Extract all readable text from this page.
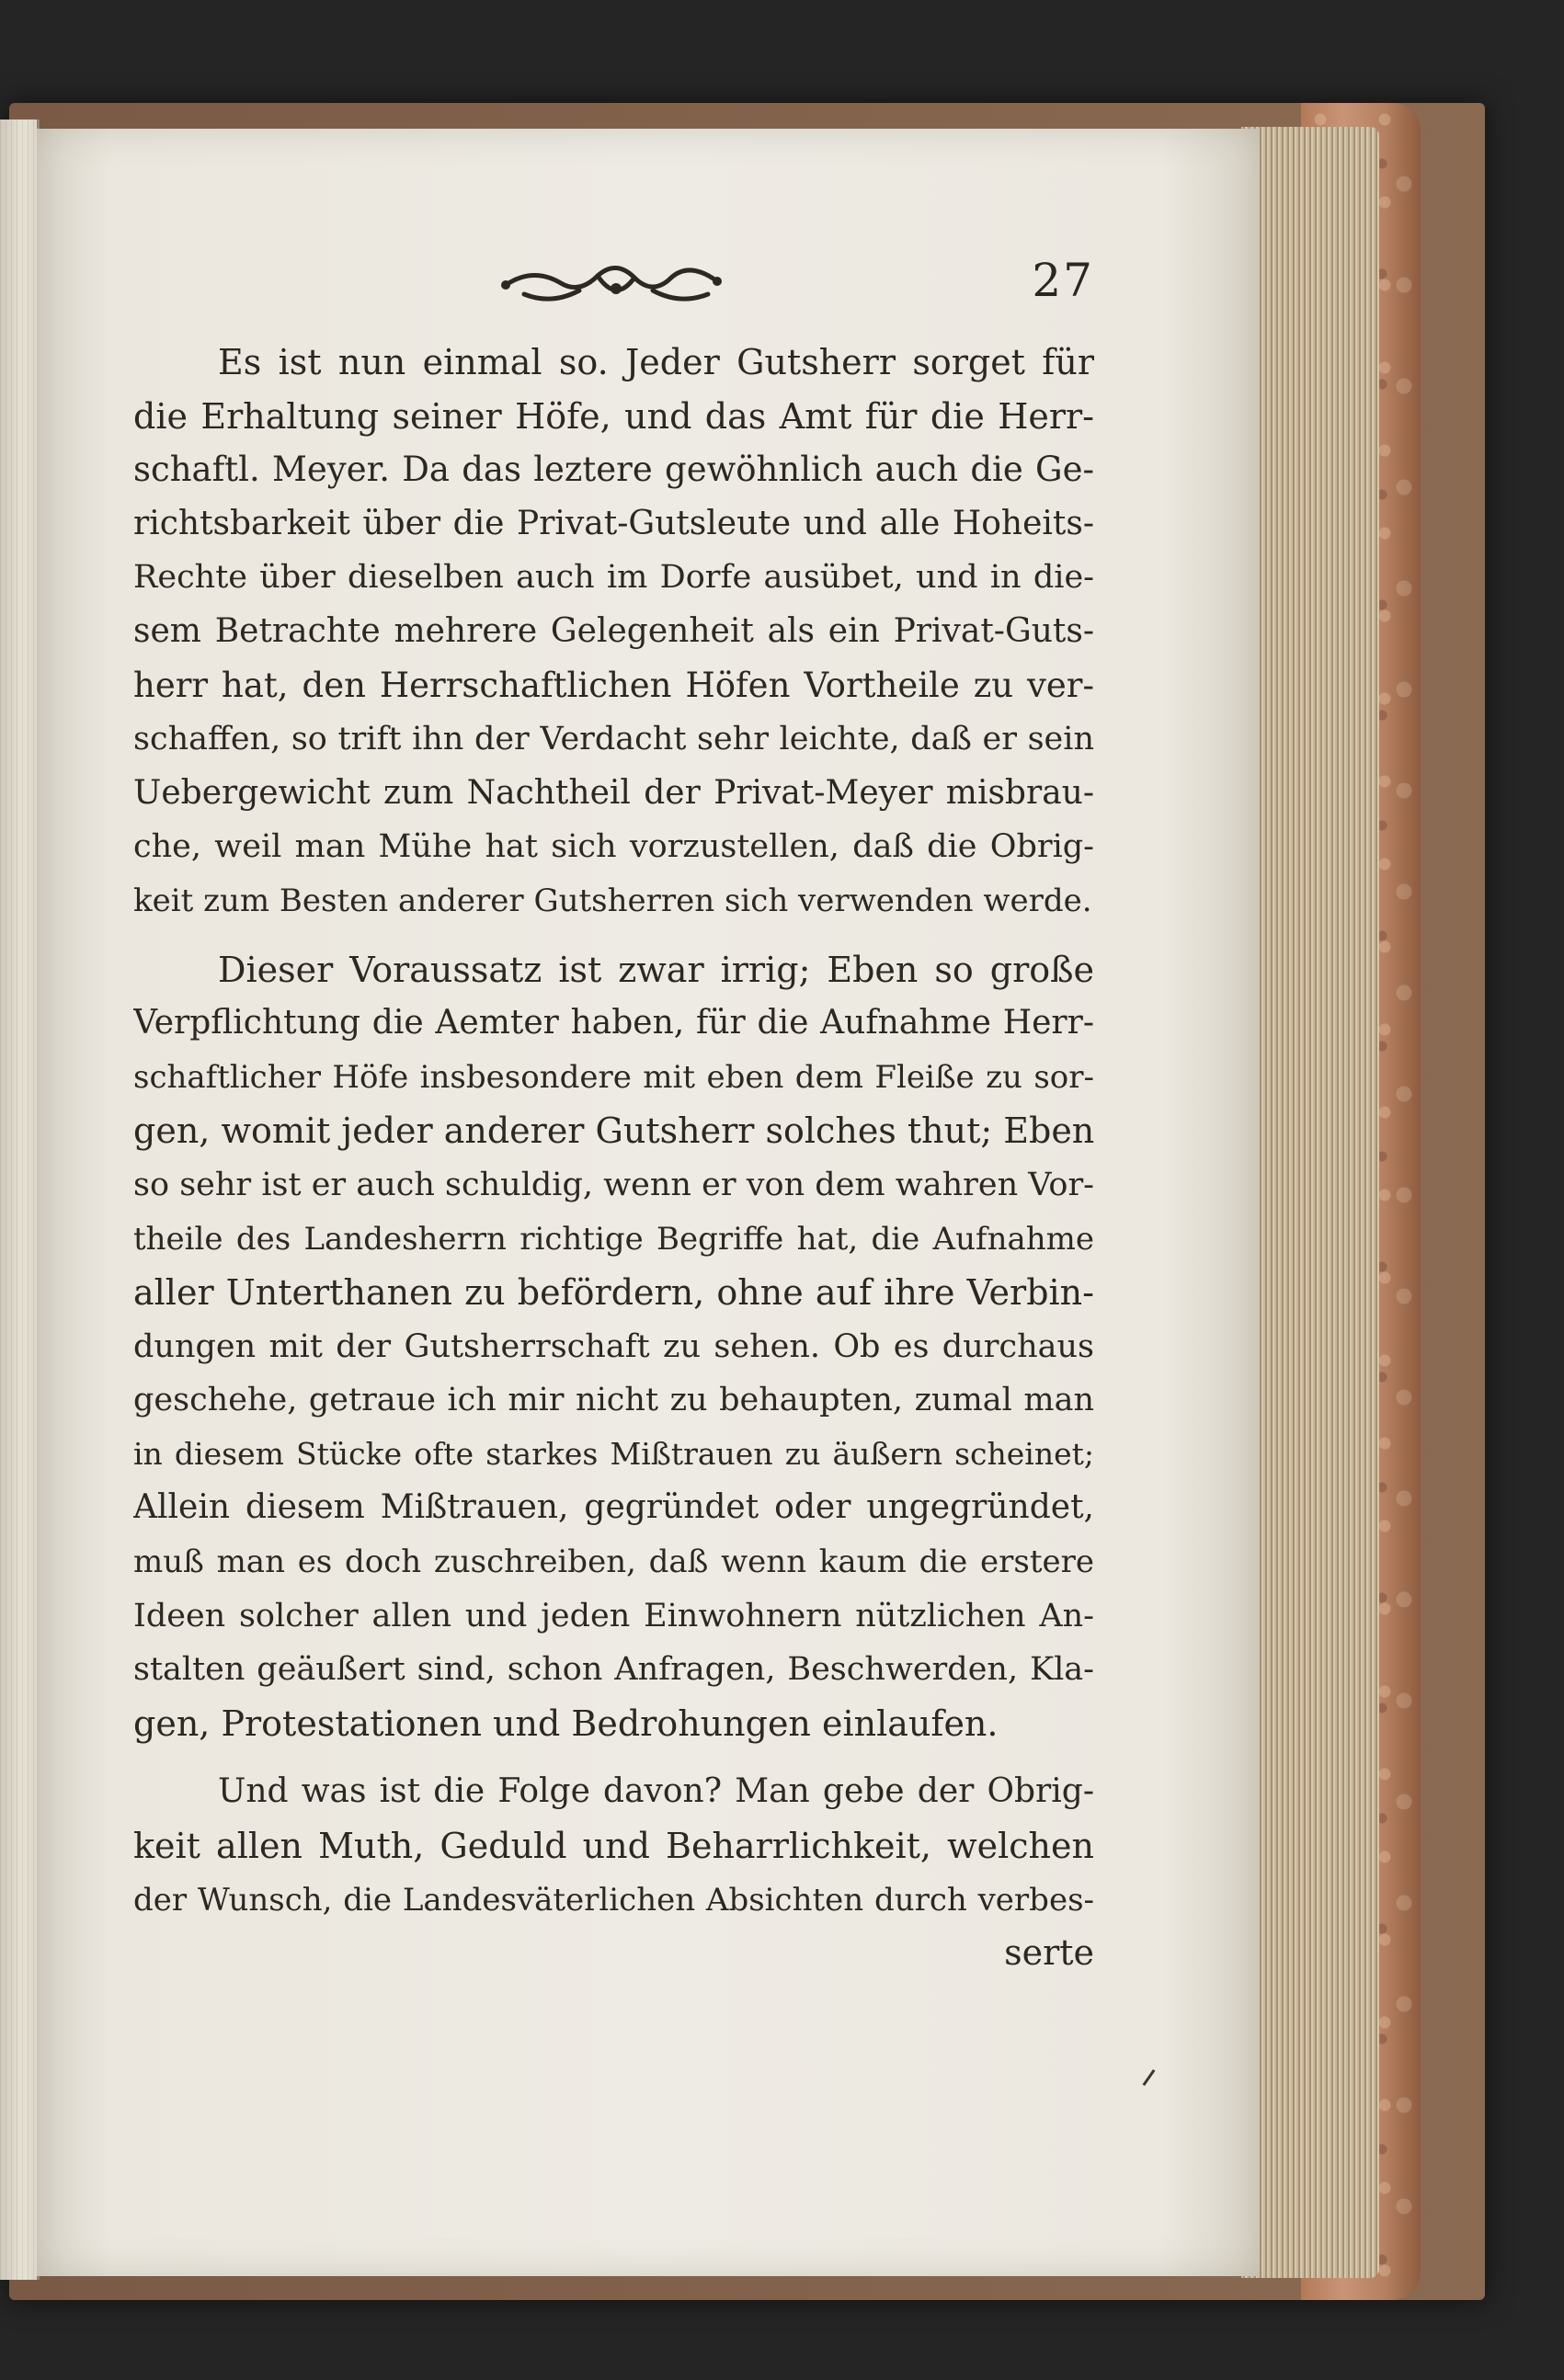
27
Es ist nun einmal so. Jeder Gutsherr sorget für
die Erhaltung seiner Höfe, und das Amt für die Herr-
schaftl. Meyer. Da das leztere gewöhnlich auch die Ge-
richtsbarkeit über die Privat-Gutsleute und alle Hoheits-
Rechte über dieselben auch im Dorfe ausübet, und in die-
sem Betrachte mehrere Gelegenheit als ein Privat-Guts-
herr hat, den Herrschaftlichen Höfen Vortheile zu ver-
schaffen, so trift ihn der Verdacht sehr leichte, daß er sein
Uebergewicht zum Nachtheil der Privat-Meyer misbrau-
che, weil man Mühe hat sich vorzustellen, daß die Obrig-
keit zum Besten anderer Gutsherren sich verwenden werde.
Dieser Voraussatz ist zwar irrig; Eben so große
Verpflichtung die Aemter haben, für die Aufnahme Herr-
schaftlicher Höfe insbesondere mit eben dem Fleiße zu sor-
gen, womit jeder anderer Gutsherr solches thut; Eben
so sehr ist er auch schuldig, wenn er von dem wahren Vor-
theile des Landesherrn richtige Begriffe hat, die Aufnahme
aller Unterthanen zu befördern, ohne auf ihre Verbin-
dungen mit der Gutsherrschaft zu sehen. Ob es durchaus
geschehe, getraue ich mir nicht zu behaupten, zumal man
in diesem Stücke ofte starkes Mißtrauen zu äußern scheinet;
Allein diesem Mißtrauen, gegründet oder ungegründet,
muß man es doch zuschreiben, daß wenn kaum die erstere
Ideen solcher allen und jeden Einwohnern nützlichen An-
stalten geäußert sind, schon Anfragen, Beschwerden, Kla-
gen, Protestationen und Bedrohungen einlaufen.
Und was ist die Folge davon? Man gebe der Obrig-
keit allen Muth, Geduld und Beharrlichkeit, welchen
der Wunsch, die Landesväterlichen Absichten durch verbes-
serte
